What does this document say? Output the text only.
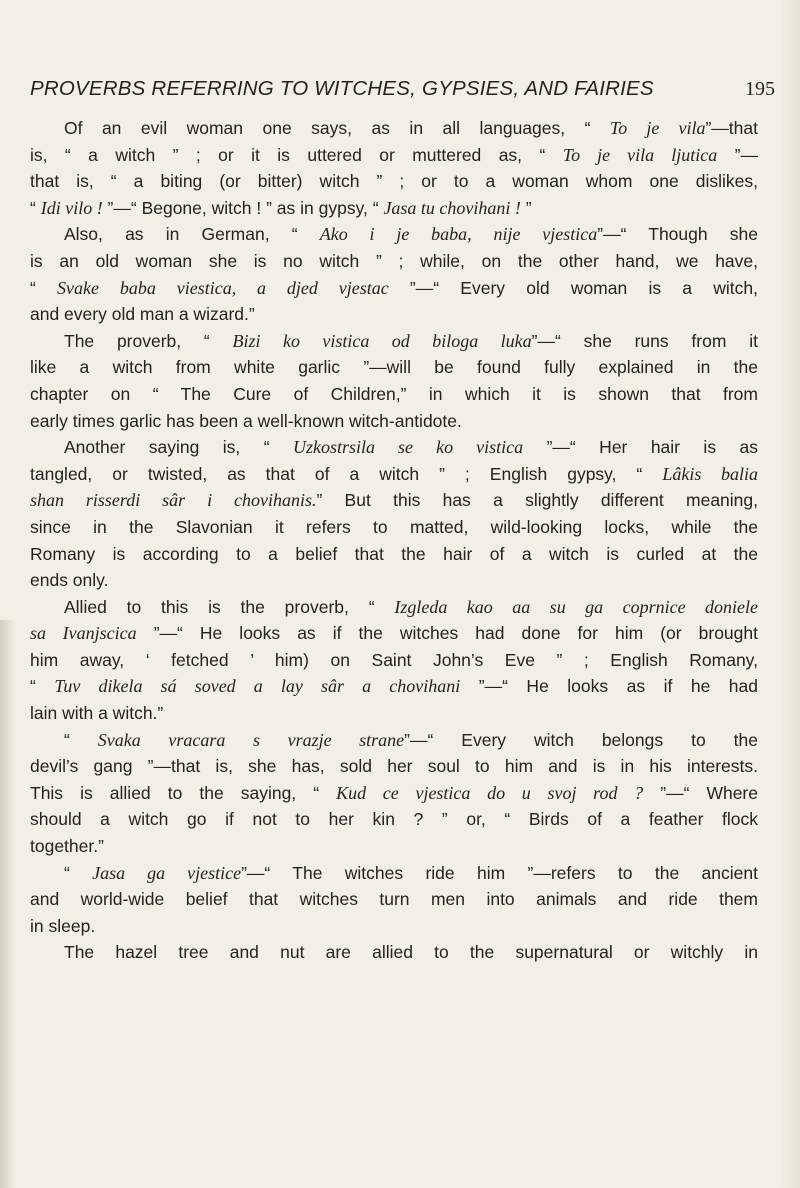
PROVERBS REFERRING TO WITCHES, GYPSIES, AND FAIRIES	195
Of an evil woman one says, as in all languages, “ To je vila”—that
is, “ a witch ” ; or it is uttered or muttered as, “ To je vila ljutica ”—
that is, “ a biting (or bitter) witch ” ; or to a woman whom one dislikes,
“ Idi vilo ! ”—“ Begone, witch ! ” as in gypsy, “ Jasa tu chovihani ! ”
Also, as in German, “ Ako i je baba, nije vjestica”—“ Though she
is an old woman she is no witch ” ; while, on the other hand, we have,
“ Svake baba viestica, a djed vjestac ”—“ Every old woman is a witch,
and every old man a wizard.”
The proverb, “ Bizi ko vistica od biloga luka”—“ she runs from it
like a witch from white garlic ”—will be found fully explained in the
chapter on “ The Cure of Children,” in which it is shown that from
early times garlic has been a well-known witch-antidote.
Another saying is, “ Uzkostrsila se ko vistica ”—“ Her hair is as
tangled, or twisted, as that of a witch ” ; English gypsy, “ Lâkis balia
shan risserdi sâr i chovihanis.” But this has a slightly different meaning,
since in the Slavonian it refers to matted, wild-looking locks, while the
Romany is according to a belief that the hair of a witch is curled at the
ends only.
Allied to this is the proverb, “ Izgleda kao aa su ga coprnice doniele
sa Ivanjscica ”—“ He looks as if the witches had done for him (or brought
him away, ‘ fetched ’ him) on Saint John’s Eve ” ; English Romany,
“ Tuv dikela sá soved a lay sâr a chovihani ”—“ He looks as if he had
lain with a witch.”
“ Svaka vracara s vrazje strane”—“ Every witch belongs to the
devil’s gang ”—that is, she has, sold her soul to him and is in his interests.
This is allied to the saying, “ Kud ce vjestica do u svoj rod ? ”—“ Where
should a witch go if not to her kin ? ” or, “ Birds of a feather flock
together.”
“ Jasa ga vjestice”—“ The witches ride him ”—refers to the ancient
and world-wide belief that witches turn men into animals and ride them
in sleep.
The hazel tree and nut are allied to the supernatural or witchly in
